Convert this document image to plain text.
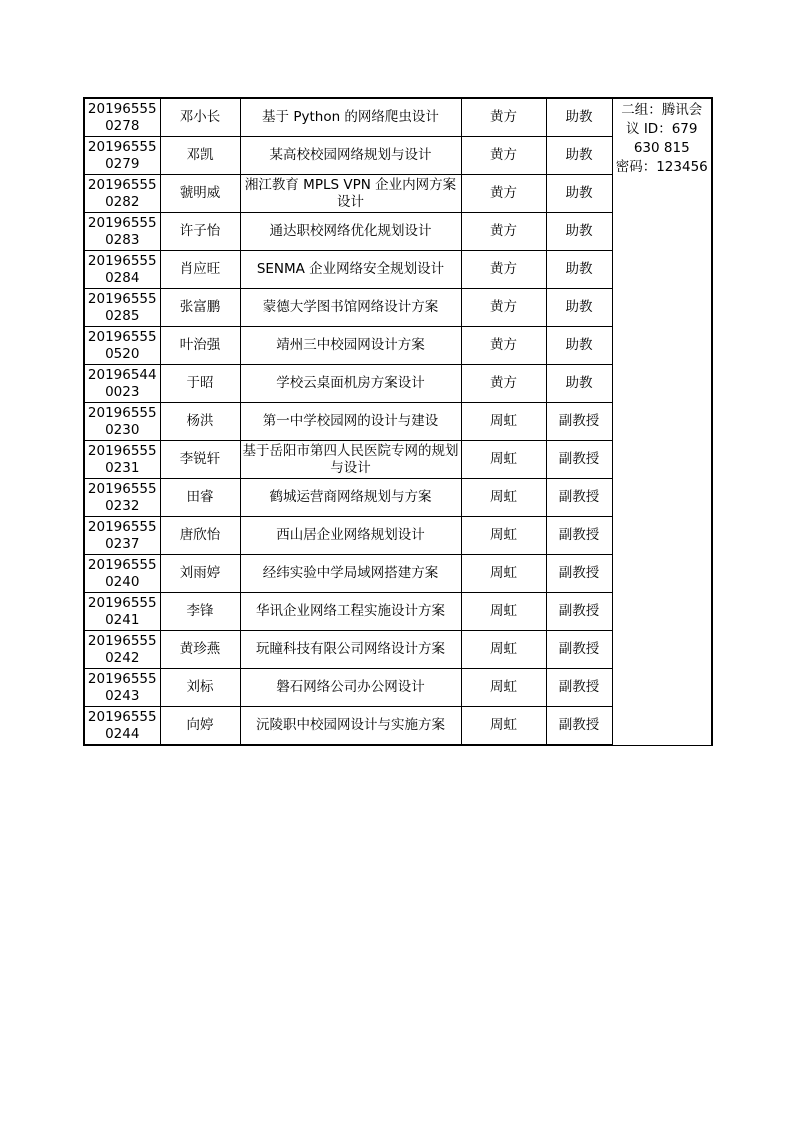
20196555
0278	邓小长	基于 Python 的网络爬虫设计	黄方	助教	二组：腾讯会
议 ID：679
630 815
密码：123456

20196555
0279	邓凯	某高校校园网络规划与设计	黄方	助教	

20196555
0282	虢明威	湘江教育 MPLS VPN 企业内网方案设计	黄方	助教	

20196555
0283	许子怡	通达职校网络优化规划设计	黄方	助教	

20196555
0284	肖应旺	SENMA 企业网络安全规划设计	黄方	助教	

20196555
0285	张富鹏	蒙德大学图书馆网络设计方案	黄方	助教	

20196555
0520	叶治强	靖州三中校园网设计方案	黄方	助教	

20196544
0023	于昭	学校云桌面机房方案设计	黄方	助教	

20196555
0230	杨洪	第一中学校园网的设计与建设	周虹	副教授	

20196555
0231	李锐轩	基于岳阳市第四人民医院专网的规划与设计	周虹	副教授	

20196555
0232	田睿	鹤城运营商网络规划与方案	周虹	副教授	

20196555
0237	唐欣怡	西山居企业网络规划设计	周虹	副教授	

20196555
0240	刘雨婷	经纬实验中学局域网搭建方案	周虹	副教授	

20196555
0241	李锋	华讯企业网络工程实施设计方案	周虹	副教授	

20196555
0242	黄珍燕	玩瞳科技有限公司网络设计方案	周虹	副教授	

20196555
0243	刘标	磐石网络公司办公网设计	周虹	副教授	

20196555
0244	向婷	沅陵职中校园网设计与实施方案	周虹	副教授	
